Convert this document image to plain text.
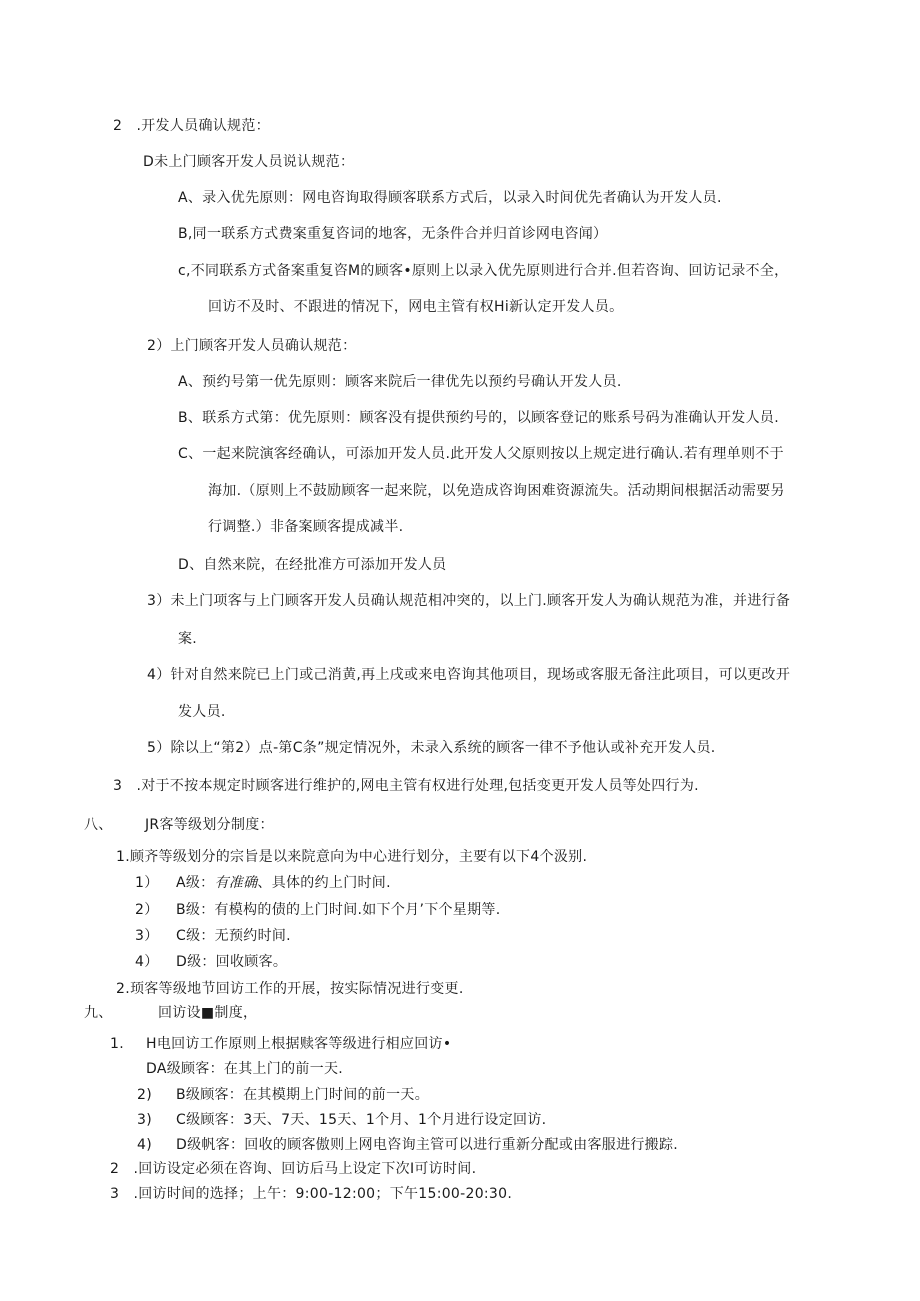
2　.开发人员确认规范：
D未上门顾客开发人员说认规范：
A、录入优先原则：网电咨询取得顾客联系方式后，以录入时间优先者确认为开发人员.
B,同一联系方式费案重复咨词的地客，无条件合并归首诊网电咨闻）
c,不同联系方式备案重复咨M的顾客•原则上以录入优先原则进行合并.但若咨询、回访记录不全，
回访不及时、不跟进的情况下，网电主管有权Hi新认定开发人员。
2）上门顾客开发人员确认规范：
A、预约号第一优先原则：顾客来院后一律优先以预约号确认开发人员.
B、联系方式第：优先原则：顾客没有提供预约号的，以顾客登记的账系号码为准确认开发人员.
C、一起来院演客经确认，可添加开发人员.此开发人父原则按以上规定进行确认.若有理单则不于
海加.（原则上不鼓励顾客一起来院，以免造成咨询困难资源流失。活动期间根据活动需要另
行调整.）非备案顾客提成减半.
D、自然来院，在经批准方可添加开发人员
3）未上门项客与上门顾客开发人员确认规范相冲突的，以上门.顾客开发人为确认规范为准，并进行备
案.
4）针对自然来院已上门或己消黄,再上戌或来电咨询其他项目，现场或客服无备注此项目，可以更改开
发人员.
5）除以上“第2）点-第C条”规定情况外，未录入系统的顾客一律不予他认或补充开发人员.
3　.对于不按本规定时顾客进行维护的,网电主管有权进行处理,包括变更开发人员等处四行为.
八、 JR客等级划分制度：
1.顾齐等级划分的宗旨是以来院意向为中心进行划分，主要有以下4个汲别.
1） A级：有准确、具体的约上门时间.
2） B级：有模构的债的上门时间.如下个月’下个星期等.
3） C级：无预约时间.
4） D级：回收顾客。
2.顼客等级地节回访工作的开展，按实际情况进行变更.
九、	回访设■制度，
1. H电回访工作原则上根据赎客等级进行相应回访•
DA级顾客：在其上门的前一天.
2) B级顾客：在其模期上门时间的前一天。
3) C级顾客：3天、7天、15天、1个月、1个月进行设定回访.
4) D级帆客：回收的顾客傲则上网电咨询主管可以进行重新分配或由客服进行搬踪.
2　.回访设定必须在咨询、回访后马上设定下次I可访时间.
3　.回访时间的选择；上午：9:00-12:00；下午15:00-20:30.
